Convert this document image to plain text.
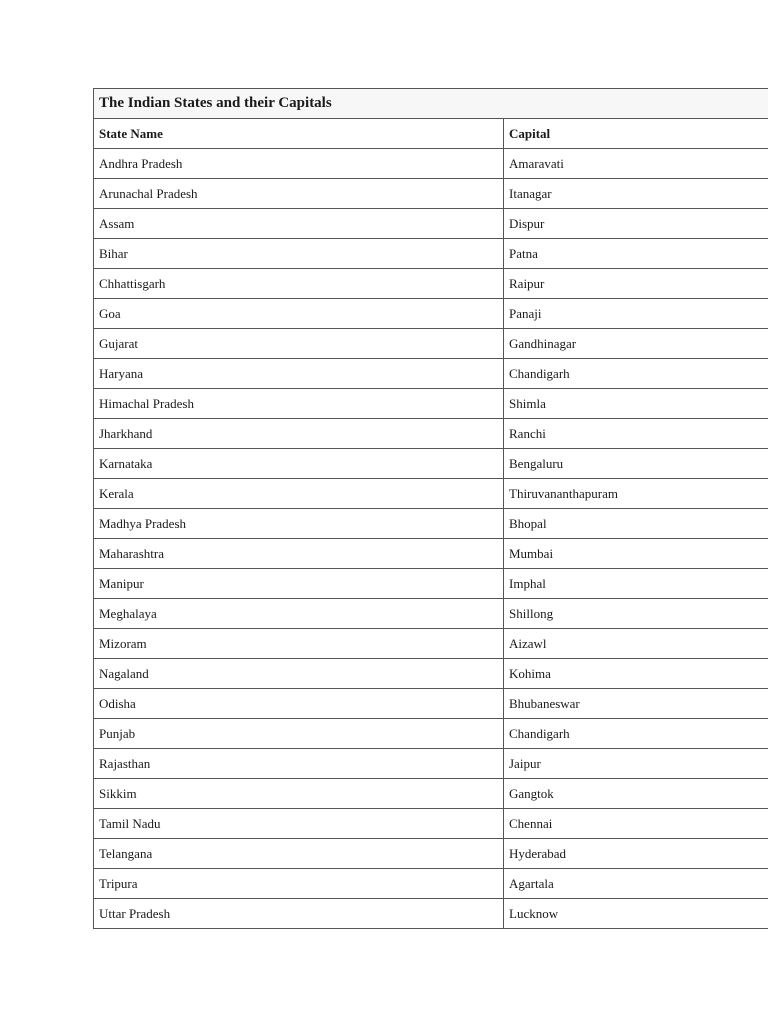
The Indian States and their Capitals	
State Name	Capital
Andhra Pradesh	Amaravati
Arunachal Pradesh	Itanagar
Assam	Dispur
Bihar	Patna
Chhattisgarh	Raipur
Goa	Panaji
Gujarat	Gandhinagar
Haryana	Chandigarh
Himachal Pradesh	Shimla
Jharkhand	Ranchi
Karnataka	Bengaluru
Kerala	Thiruvananthapuram
Madhya Pradesh	Bhopal
Maharashtra	Mumbai
Manipur	Imphal
Meghalaya	Shillong
Mizoram	Aizawl
Nagaland	Kohima
Odisha	Bhubaneswar
Punjab	Chandigarh
Rajasthan	Jaipur
Sikkim	Gangtok
Tamil Nadu	Chennai
Telangana	Hyderabad
Tripura	Agartala
Uttar Pradesh	Lucknow
